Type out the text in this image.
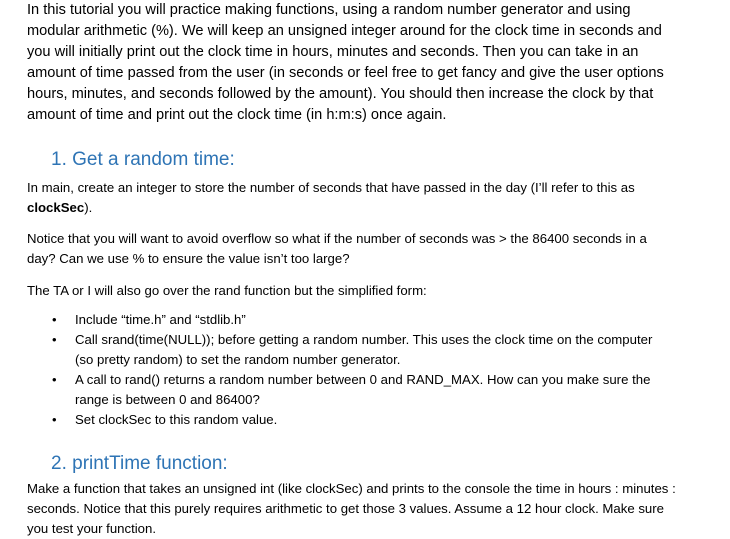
In this tutorial you will practice making functions, using a random number generator and using modular arithmetic (%). We will keep an unsigned integer around for the clock time in seconds and you will initially print out the clock time in hours, minutes and seconds. Then you can take in an amount of time passed from the user (in seconds or feel free to get fancy and give the user options hours, minutes, and seconds followed by the amount). You should then increase the clock by that amount of time and print out the clock time (in h:m:s) once again.

1. Get a random time:

In main, create an integer to store the number of seconds that have passed in the day (I’ll refer to this as clockSec).

Notice that you will want to avoid overflow so what if the number of seconds was > the 86400 seconds in a day? Can we use % to ensure the value isn’t too large?

The TA or I will also go over the rand function but the simplified form:

• Include “time.h” and “stdlib.h”
• Call srand(time(NULL)); before getting a random number. This uses the clock time on the computer (so pretty random) to set the random number generator.
• A call to rand() returns a random number between 0 and RAND_MAX. How can you make sure the range is between 0 and 86400?
• Set clockSec to this random value.
2. printTime function:

Make a function that takes an unsigned int (like clockSec) and prints to the console the time in hours : minutes : seconds. Notice that this purely requires arithmetic to get those 3 values. Assume a 12 hour clock. Make sure you test your function.
